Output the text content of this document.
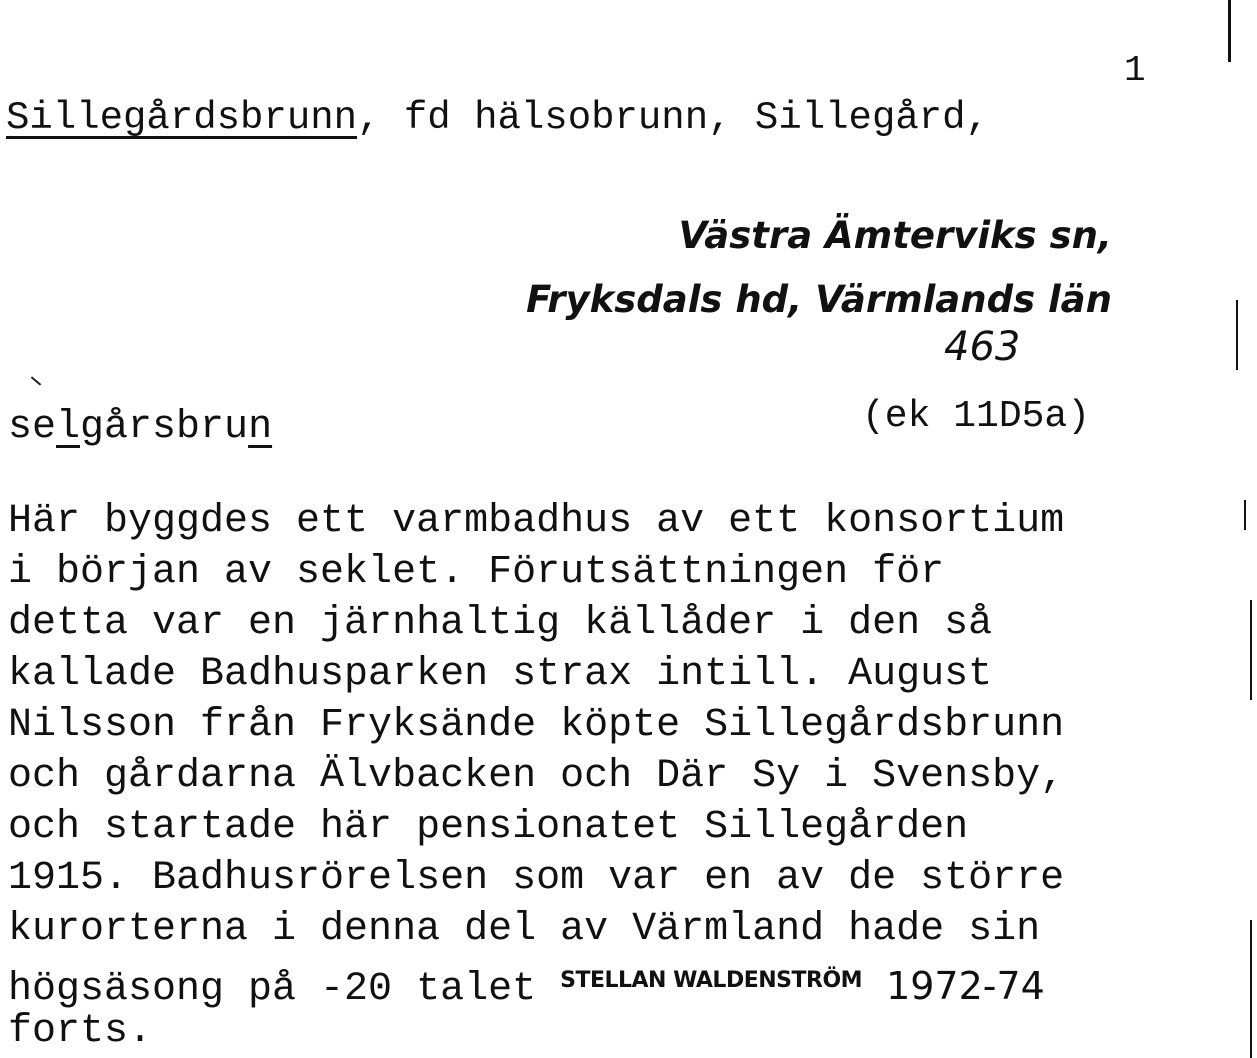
1
Sillegårdsbrunn, fd hälsobrunn, Sillegård,
Västra Ämterviks sn,
Fryksdals hd, Värmlands län
463
selgårsbrun	(ek 11D5a)
Här byggdes ett varmbadhus av ett konsortium
i början av seklet. Förutsättningen för
detta var en järnhaltig källåder i den så
kallade Badhusparken strax intill. August
Nilsson från Fryksände köpte Sillegårdsbrunn
och gårdarna Älvbacken och Där Sy i Svensby,
och startade här pensionatet Sillegården
1915. Badhusrörelsen som var en av de större
kurorterna i denna del av Värmland hade sin
högsäsong på -20 talet $^{STELLAN WALDENSTRÖM}$ 1972-74
forts.
